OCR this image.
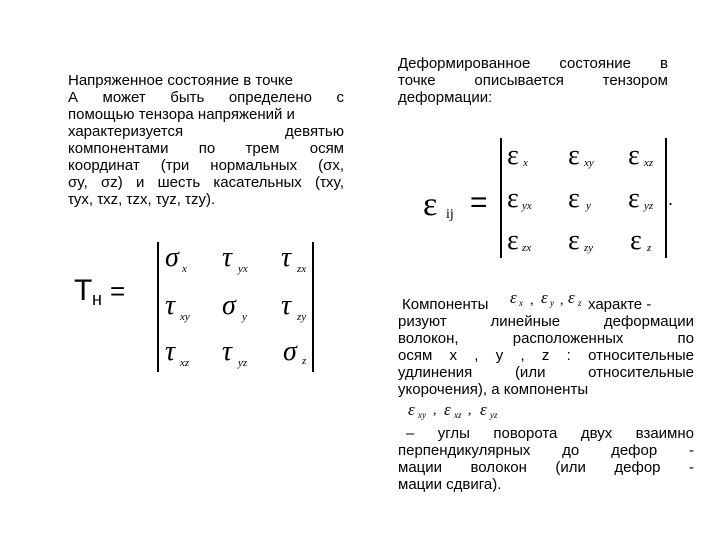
Напряженное состояние в точке
А может быть определено с
помощью тензора напряжений и
характеризуется девятью
компонентами по трем осям
координат (три нормальных (σx,
σy, σz) и шесть касательных (τxy,
τyx, τxz, τzx, τyz, τzy).
T н =
σ x τ yx τ zx
τ xy σ y τ zy
τ xz τ yz σ z
Деформированное состояние в
точке описывается тензором
деформации:
ε ij =	.
ε x ε xy ε xz
ε yx ε y ε yz
ε zx ε zy ε z
Компоненты ε x , ε y , ε z характе -
ризуют линейные деформации
волокон, расположенных по
осям x , y , z : относительные
удлинения (или относительные
укорочения), а компоненты
ε xy , ε xz , ε yz
– углы поворота двух взаимно
перпендикулярных до дефор -
мации волокон (или дефор -
мации сдвига).
